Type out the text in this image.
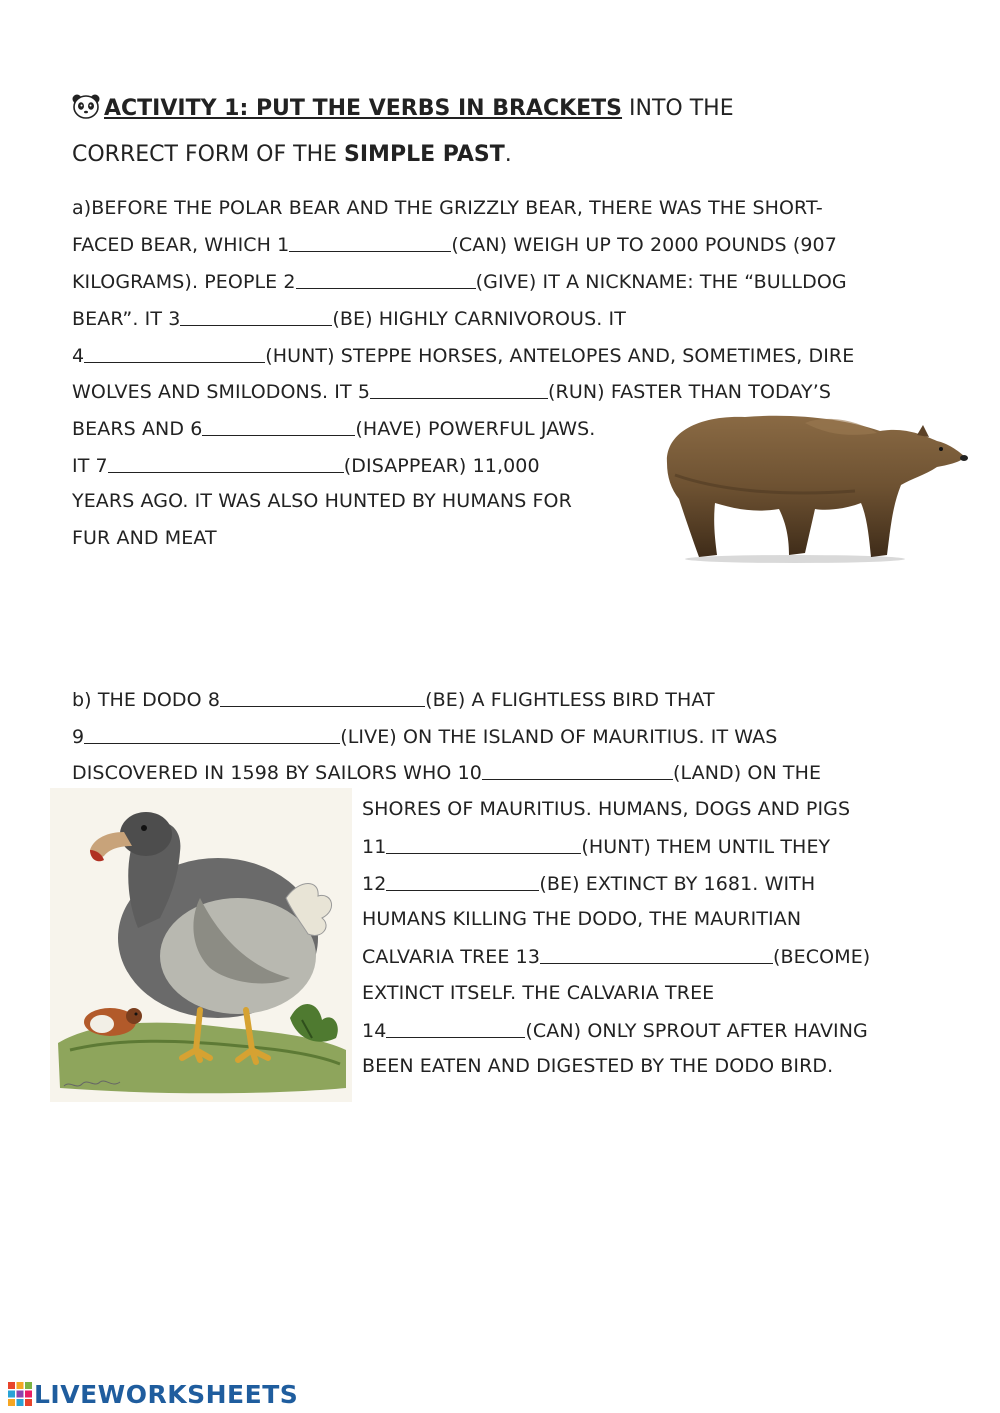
ACTIVITY 1: PUT THE VERBS IN BRACKETS INTO THE
CORRECT FORM OF THE SIMPLE PAST.
a)BEFORE THE POLAR BEAR AND THE GRIZZLY BEAR, THERE WAS THE SHORT-
FACED BEAR, WHICH 1	(CAN) WEIGH UP TO 2000 POUNDS (907
KILOGRAMS). PEOPLE 2	(GIVE) IT A NICKNAME: THE “BULLDOG
BEAR”. IT 3	(BE) HIGHLY CARNIVOROUS. IT
4	(HUNT) STEPPE HORSES, ANTELOPES AND, SOMETIMES, DIRE
WOLVES AND SMILODONS. IT 5	(RUN) FASTER THAN TODAY’S
BEARS AND 6	(HAVE) POWERFUL JAWS.
IT 7	(DISAPPEAR) 11,000
YEARS AGO. IT WAS ALSO HUNTED BY HUMANS FOR
FUR AND MEAT
b) THE DODO 8	(BE) A FLIGHTLESS BIRD THAT
9	(LIVE) ON THE ISLAND OF MAURITIUS. IT WAS
DISCOVERED IN 1598 BY SAILORS WHO 10	(LAND) ON THE
SHORES OF MAURITIUS. HUMANS, DOGS AND PIGS
11	(HUNT) THEM UNTIL THEY
12	(BE) EXTINCT BY 1681. WITH
HUMANS KILLING THE DODO, THE MAURITIAN
CALVARIA TREE 13	(BECOME)
EXTINCT ITSELF. THE CALVARIA TREE
14	(CAN) ONLY SPROUT AFTER HAVING
BEEN EATEN AND DIGESTED BY THE DODO BIRD.
LIVEWORKSHEETS
